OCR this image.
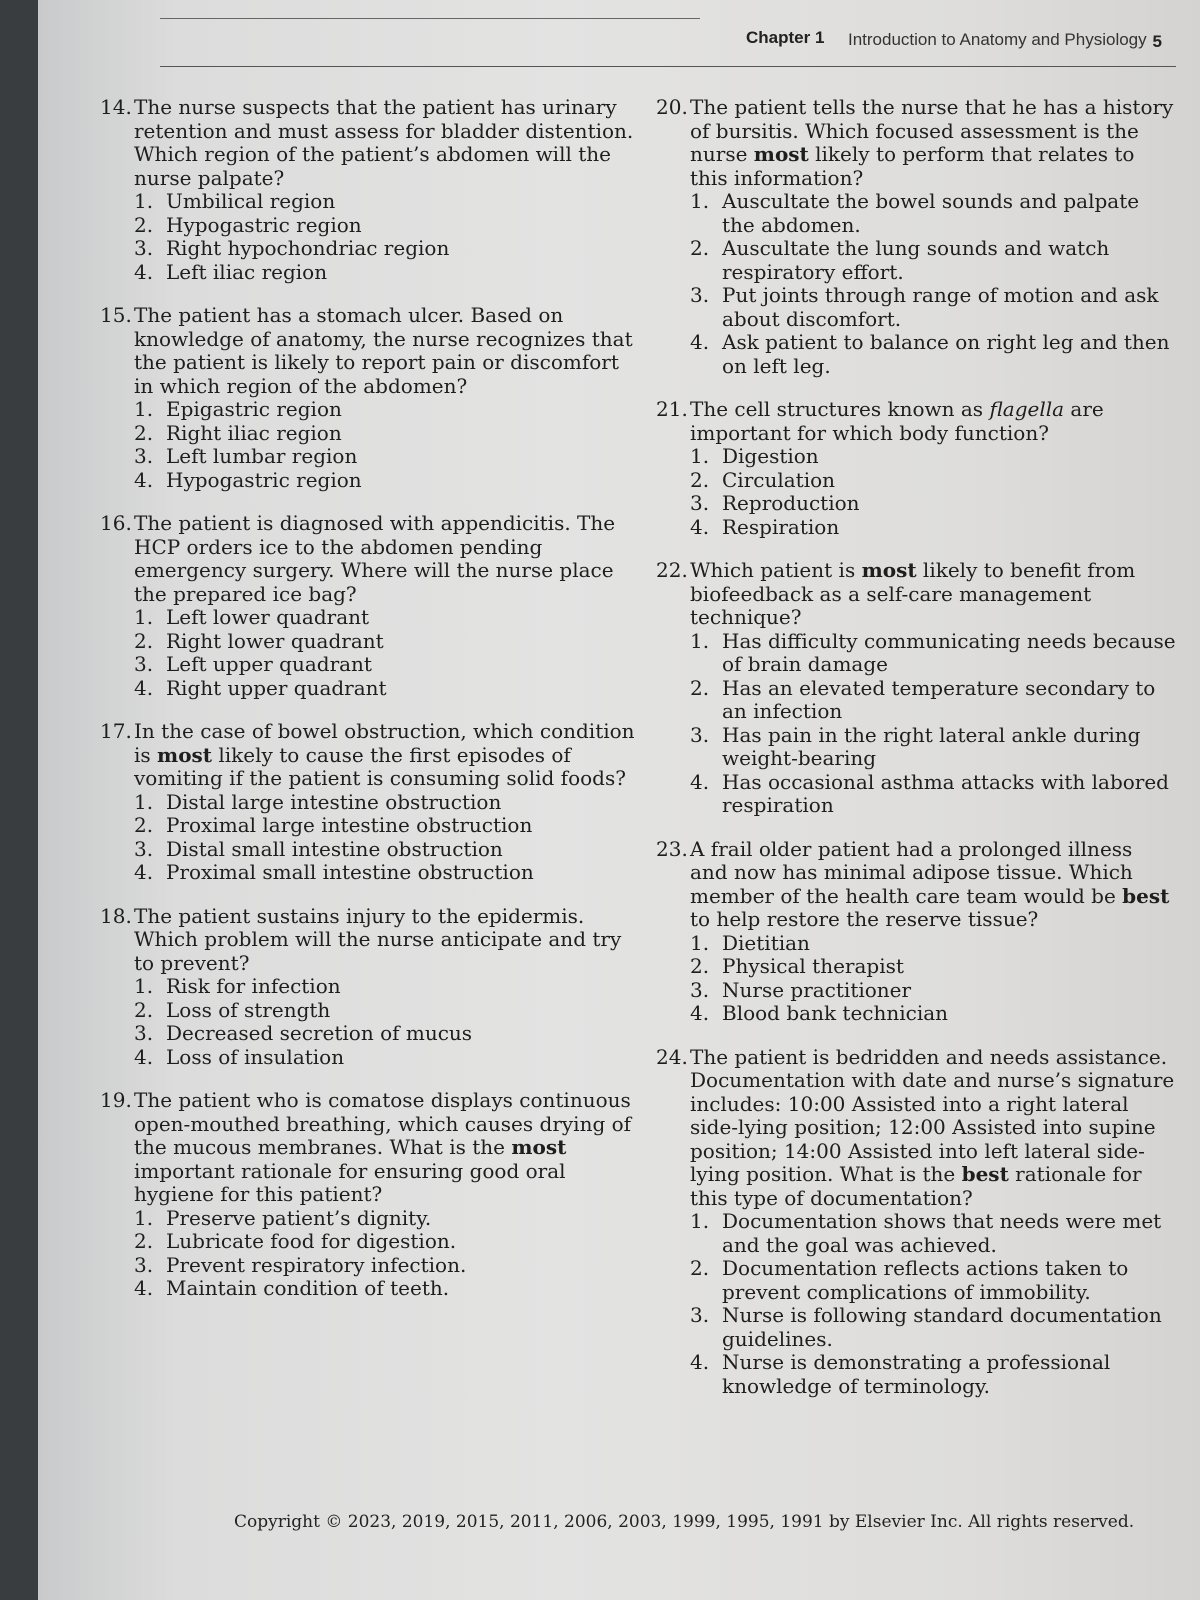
Chapter 1 Introduction to Anatomy and Physiology 5
14. The nurse suspects that the patient has urinary retention and must assess for bladder distention. Which region of the patient’s abdomen will the nurse palpate?
1. Umbilical region
2. Hypogastric region
3. Right hypochondriac region
4. Left iliac region
15. The patient has a stomach ulcer. Based on knowledge of anatomy, the nurse recognizes that the patient is likely to report pain or discomfort in which region of the abdomen?
1. Epigastric region
2. Right iliac region
3. Left lumbar region
4. Hypogastric region
16. The patient is diagnosed with appendicitis. The HCP orders ice to the abdomen pending emergency surgery. Where will the nurse place the prepared ice bag?
1. Left lower quadrant
2. Right lower quadrant
3. Left upper quadrant
4. Right upper quadrant
17. In the case of bowel obstruction, which condition is most likely to cause the first episodes of vomiting if the patient is consuming solid foods?
1. Distal large intestine obstruction
2. Proximal large intestine obstruction
3. Distal small intestine obstruction
4. Proximal small intestine obstruction
18. The patient sustains injury to the epidermis. Which problem will the nurse anticipate and try to prevent?
1. Risk for infection
2. Loss of strength
3. Decreased secretion of mucus
4. Loss of insulation
19. The patient who is comatose displays continuous open-mouthed breathing, which causes drying of the mucous membranes. What is the most important rationale for ensuring good oral hygiene for this patient?
1. Preserve patient’s dignity.
2. Lubricate food for digestion.
3. Prevent respiratory infection.
4. Maintain condition of teeth.
20. The patient tells the nurse that he has a history of bursitis. Which focused assessment is the nurse most likely to perform that relates to this information?
1. Auscultate the bowel sounds and palpate the abdomen.
2. Auscultate the lung sounds and watch respiratory effort.
3. Put joints through range of motion and ask about discomfort.
4. Ask patient to balance on right leg and then on left leg.
21. The cell structures known as flagella are important for which body function?
1. Digestion
2. Circulation
3. Reproduction
4. Respiration
22. Which patient is most likely to benefit from biofeedback as a self-care management technique?
1. Has difficulty communicating needs because of brain damage
2. Has an elevated temperature secondary to an infection
3. Has pain in the right lateral ankle during weight-bearing
4. Has occasional asthma attacks with labored respiration
23. A frail older patient had a prolonged illness and now has minimal adipose tissue. Which member of the health care team would be best to help restore the reserve tissue?
1. Dietitian
2. Physical therapist
3. Nurse practitioner
4. Blood bank technician
24. The patient is bedridden and needs assistance. Documentation with date and nurse’s signature includes: 10:00 Assisted into a right lateral side-lying position; 12:00 Assisted into supine position; 14:00 Assisted into left lateral side-lying position. What is the best rationale for this type of documentation?
1. Documentation shows that needs were met and the goal was achieved.
2. Documentation reflects actions taken to prevent complications of immobility.
3. Nurse is following standard documentation guidelines.
4. Nurse is demonstrating a professional knowledge of terminology.
Copyright © 2023, 2019, 2015, 2011, 2006, 2003, 1999, 1995, 1991 by Elsevier Inc. All rights reserved.
